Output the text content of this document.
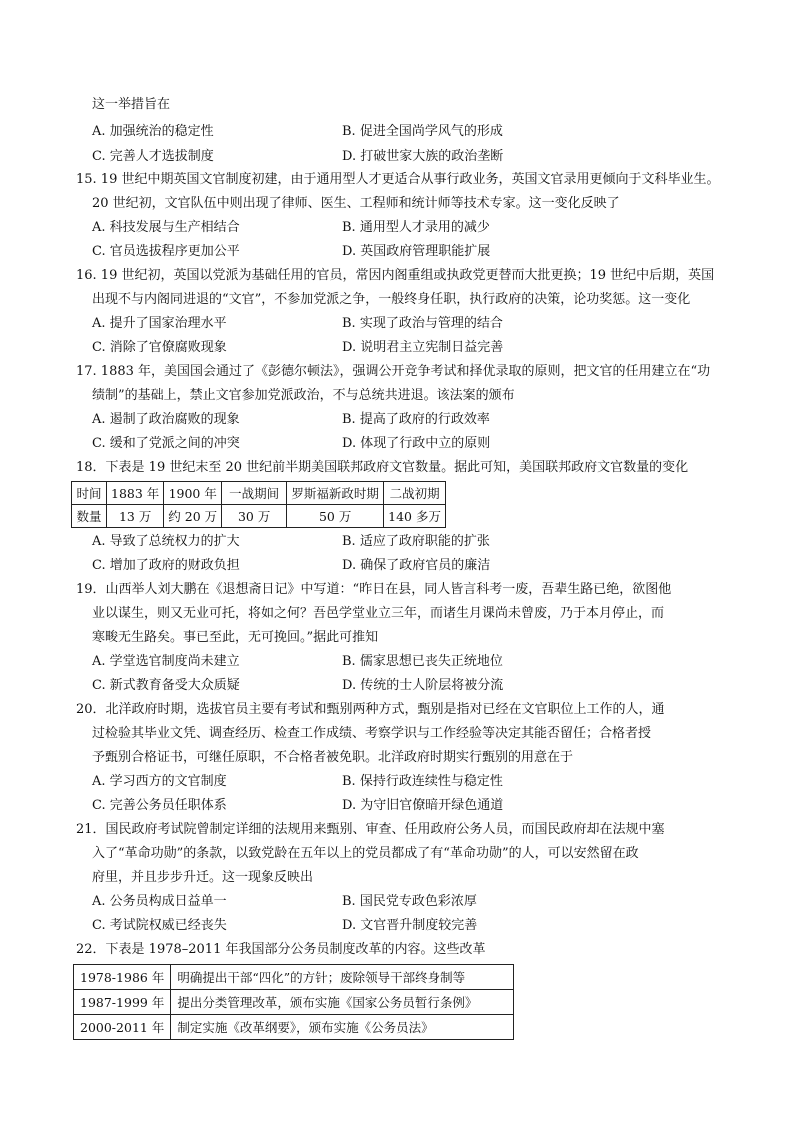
这一举措旨在
A. 加强统治的稳定性	B. 促进全国尚学风气的形成
C. 完善人才选拔制度	D. 打破世家大族的政治垄断
15. 19 世纪中期英国文官制度初建，由于通用型人才更适合从事行政业务，英国文官录用更倾向于文科毕业生。
20 世纪初，文官队伍中则出现了律师、医生、工程师和统计师等技术专家。这一变化反映了
A. 科技发展与生产相结合	B. 通用型人才录用的减少
C. 官员选拔程序更加公平	D. 英国政府管理职能扩展
16. 19 世纪初，英国以党派为基础任用的官员，常因内阁重组或执政党更替而大批更换；19 世纪中后期，英国
出现不与内阁同进退的“文官”，不参加党派之争，一般终身任职，执行政府的决策，论功奖惩。这一变化
A. 提升了国家治理水平	B. 实现了政治与管理的结合
C. 消除了官僚腐败现象	D. 说明君主立宪制日益完善
17. 1883 年，美国国会通过了《彭德尔顿法》，强调公开竞争考试和择优录取的原则，把文官的任用建立在“功
绩制”的基础上，禁止文官参加党派政治，不与总统共进退。该法案的颁布
A. 遏制了政治腐败的现象	B. 提高了政府的行政效率
C. 缓和了党派之间的冲突	D. 体现了行政中立的原则
18．下表是 19 世纪末至 20 世纪前半期美国联邦政府文官数量。据此可知，美国联邦政府文官数量的变化
时间	1883 年	1900 年	一战期间	罗斯福新政时期	二战初期
数量	13 万	约 20 万	30 万	50 万	140 多万
A. 导致了总统权力的扩大	B. 适应了政府职能的扩张
C. 增加了政府的财政负担	D. 确保了政府官员的廉洁
19．山西举人刘大鹏在《退想斋日记》中写道：“昨日在县，同人皆言科考一废，吾辈生路已绝，欲图他
业以谋生，则又无业可托，将如之何？吾邑学堂业立三年，而诸生月课尚未曾废，乃于本月停止，而
寒畯无生路矣。事已至此，无可挽回。”据此可推知
A. 学堂选官制度尚未建立	B. 儒家思想已丧失正统地位
C. 新式教育备受大众质疑	D. 传统的士人阶层将被分流
20．北洋政府时期，选拔官员主要有考试和甄别两种方式，甄别是指对已经在文官职位上工作的人，通
过检验其毕业文凭、调查经历、检查工作成绩、考察学识与工作经验等决定其能否留任；合格者授
予甄别合格证书，可继任原职，不合格者被免职。北洋政府时期实行甄别的用意在于
A. 学习西方的文官制度	B. 保持行政连续性与稳定性
C. 完善公务员任职体系	D. 为守旧官僚暗开绿色通道
21．国民政府考试院曾制定详细的法规用来甄别、审查、任用政府公务人员，而国民政府却在法规中塞
入了“革命功勋”的条款，以致党龄在五年以上的党员都成了有“革命功勋”的人，可以安然留在政
府里，并且步步升迁。这一现象反映出
A. 公务员构成日益单一	B. 国民党专政色彩浓厚
C. 考试院权威已经丧失	D. 文官晋升制度较完善
22．下表是 1978–2011 年我国部分公务员制度改革的内容。这些改革
1978-1986 年	明确提出干部“四化”的方针；废除领导干部终身制等
1987-1999 年	提出分类管理改革，颁布实施《国家公务员暂行条例》
2000-2011 年	制定实施《改革纲要》，颁布实施《公务员法》
